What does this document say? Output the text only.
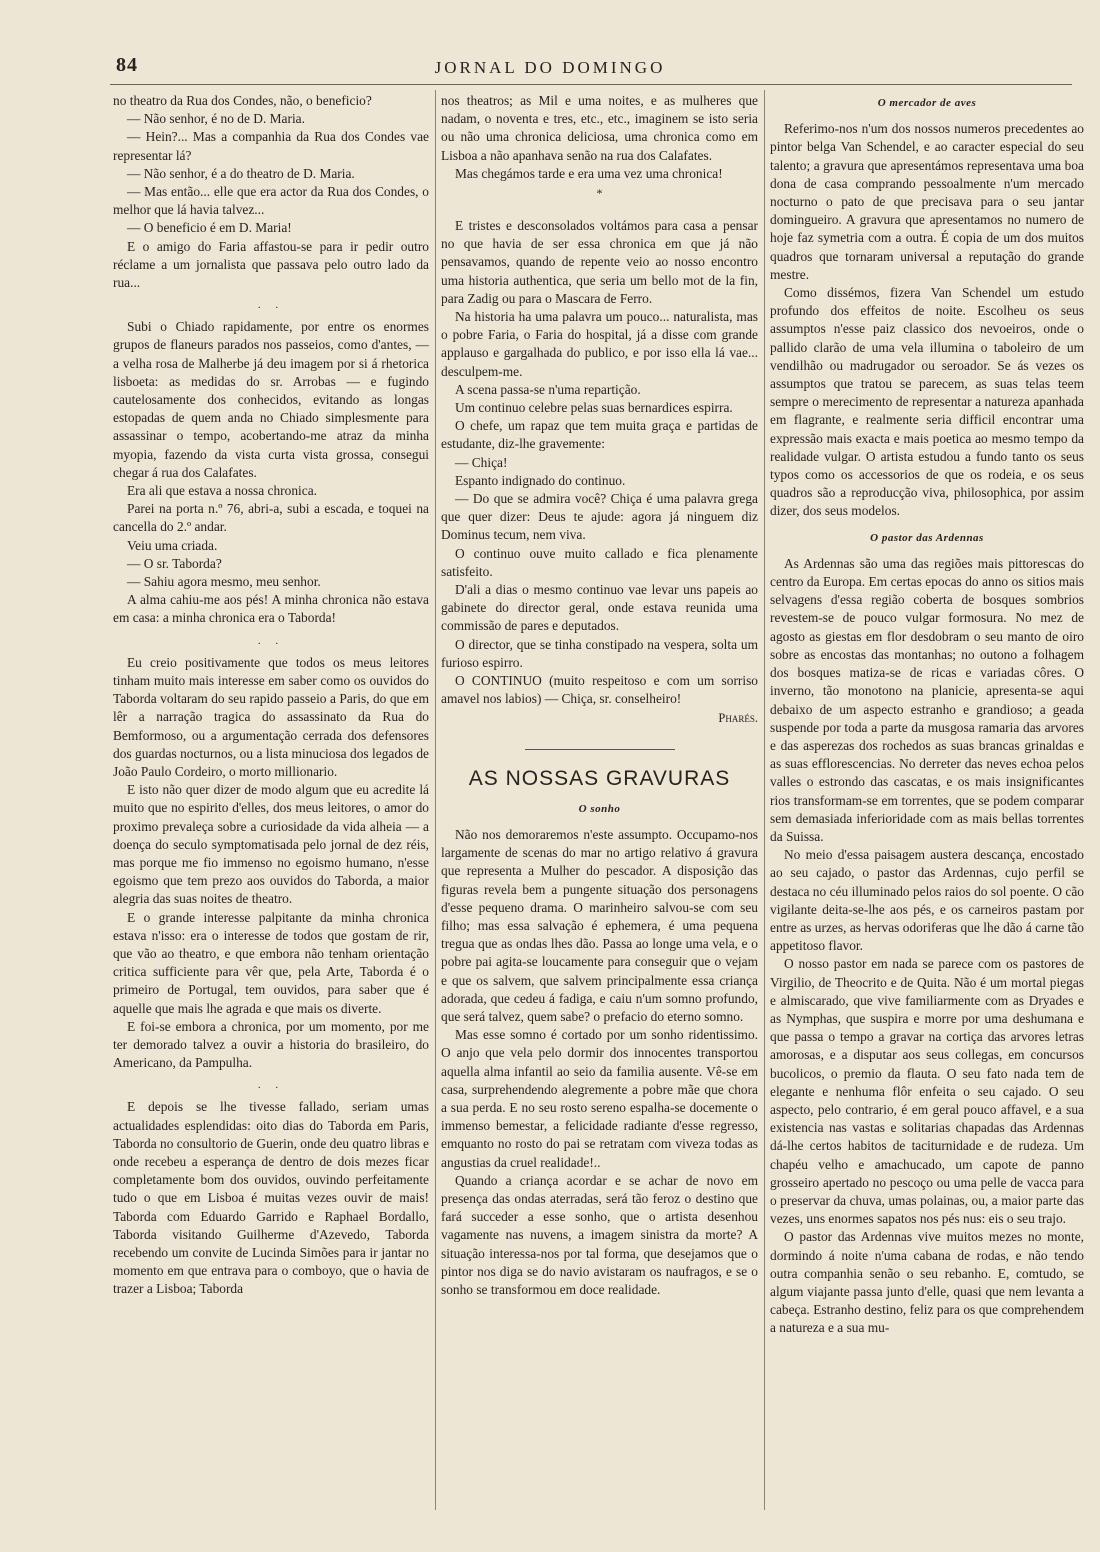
84	JORNAL DO DOMINGO

no theatro da Rua dos Condes, não, o beneficio?

— Não senhor, é no de D. Maria.

— Hein?... Mas a companhia da Rua dos Condes vae representar lá?

— Não senhor, é a do theatro de D. Maria.

— Mas então... elle que era actor da Rua dos Condes, o melhor que lá havia talvez...

— O beneficio é em D. Maria!

E o amigo do Faria affastou-se para ir pedir outro réclame a um jornalista que passava pelo outro lado da rua...

. .

Subi o Chiado rapidamente, por entre os enormes grupos de flaneurs parados nos passeios, como d'antes, — a velha rosa de Malherbe já deu imagem por si á rhetorica lisboeta: as medidas do sr. Arrobas — e fugindo cautelosamente dos conhecidos, evitando as longas estopadas de quem anda no Chiado simplesmente para assassinar o tempo, acobertando-me atraz da minha myopia, fazendo da vista curta vista grossa, consegui chegar á rua dos Calafates.

Era ali que estava a nossa chronica.

Parei na porta n.º 76, abri-a, subi a escada, e toquei na cancella do 2.º andar.

Veiu uma criada.

— O sr. Taborda?

— Sahiu agora mesmo, meu senhor.

A alma cahiu-me aos pés! A minha chronica não estava em casa: a minha chronica era o Taborda!

. .

Eu creio positivamente que todos os meus leitores tinham muito mais interesse em saber como os ouvidos do Taborda voltaram do seu rapido passeio a Paris, do que em lêr a narração tragica do assassinato da Rua do Bemformoso, ou a argumentação cerrada dos defensores dos guardas nocturnos, ou a lista minuciosa dos legados de João Paulo Cordeiro, o morto millionario.

E isto não quer dizer de modo algum que eu acredite lá muito que no espirito d'elles, dos meus leitores, o amor do proximo prevaleça sobre a curiosidade da vida alheia — a doença do seculo symptomatisada pelo jornal de dez réis, mas porque me fio immenso no egoismo humano, n'esse egoismo que tem prezo aos ouvidos do Taborda, a maior alegria das suas noites de theatro.

E o grande interesse palpitante da minha chronica estava n'isso: era o interesse de todos que gostam de rir, que vão ao theatro, e que embora não tenham orientação critica sufficiente para vêr que, pela Arte, Taborda é o primeiro de Portugal, tem ouvidos, para saber que é aquelle que mais lhe agrada e que mais os diverte.

E foi-se embora a chronica, por um momento, por me ter demorado talvez a ouvir a historia do brasileiro, do Americano, da Pampulha.

. .

E depois se lhe tivesse fallado, seriam umas actualidades esplendidas: oito dias do Taborda em Paris, Taborda no consultorio de Guerin, onde deu quatro libras e onde recebeu a esperança de dentro de dois mezes ficar completamente bom dos ouvidos, ouvindo perfeitamente tudo o que em Lisboa é muitas vezes ouvir de mais! Taborda com Eduardo Garrido e Raphael Bordallo, Taborda visitando Guilherme d'Azevedo, Taborda recebendo um convite de Lucinda Simões para ir jantar no momento em que entrava para o comboyo, que o havia de trazer a Lisboa; Taborda

nos theatros; as Mil e uma noites, e as mulheres que nadam, o noventa e tres, etc., etc., imaginem se isto seria ou não uma chronica deliciosa, uma chronica como em Lisboa a não apanhava senão na rua dos Calafates.

Mas chegámos tarde e era uma vez uma chronica!

*

E tristes e desconsolados voltámos para casa a pensar no que havia de ser essa chronica em que já não pensavamos, quando de repente veio ao nosso encontro uma historia authentica, que seria um bello mot de la fin, para Zadig ou para o Mascara de Ferro.

Na historia ha uma palavra um pouco... naturalista, mas o pobre Faria, o Faria do hospital, já a disse com grande applauso e gargalhada do publico, e por isso ella lá vae... desculpem-me.

A scena passa-se n'uma repartição.

Um continuo celebre pelas suas bernardices espirra.

O chefe, um rapaz que tem muita graça e partidas de estudante, diz-lhe gravemente:

— Chiça!

Espanto indignado do continuo.

— Do que se admira você? Chiça é uma palavra grega que quer dizer: Deus te ajude: agora já ninguem diz Dominus tecum, nem viva.

O continuo ouve muito callado e fica plenamente satisfeito.

D'ali a dias o mesmo continuo vae levar uns papeis ao gabinete do director geral, onde estava reunida uma commissão de pares e deputados.

O director, que se tinha constipado na vespera, solta um furioso espirro.

O CONTINUO (muito respeitoso e com um sorriso amavel nos labios) — Chiça, sr. conselheiro!

Pharés.
AS NOSSAS GRAVURAS
O sonho

Não nos demoraremos n'este assumpto. Occupamo-nos largamente de scenas do mar no artigo relativo á gravura que representa a Mulher do pescador. A disposição das figuras revela bem a pungente situação dos personagens d'esse pequeno drama. O marinheiro salvou-se com seu filho; mas essa salvação é ephemera, é uma pequena tregua que as ondas lhes dão. Passa ao longe uma vela, e o pobre pai agita-se loucamente para conseguir que o vejam e que os salvem, que salvem principalmente essa criança adorada, que cedeu á fadiga, e caiu n'um somno profundo, que será talvez, quem sabe? o prefacio do eterno somno.

Mas esse somno é cortado por um sonho ridentissimo. O anjo que vela pelo dormir dos innocentes transportou aquella alma infantil ao seio da familia ausente. Vê-se em casa, surprehendendo alegremente a pobre mãe que chora a sua perda. E no seu rosto sereno espalha-se docemente o immenso bemestar, a felicidade radiante d'esse regresso, emquanto no rosto do pai se retratam com viveza todas as angustias da cruel realidade!..

Quando a criança acordar e se achar de novo em presença das ondas aterradas, será tão feroz o destino que fará succeder a esse sonho, que o artista desenhou vagamente nas nuvens, a imagem sinistra da morte? A situação interessa-nos por tal forma, que desejamos que o pintor nos diga se do navio avistaram os naufragos, e se o sonho se transformou em doce realidade.

O mercador de aves

Referimo-nos n'um dos nossos numeros precedentes ao pintor belga Van Schendel, e ao caracter especial do seu talento; a gravura que apresentámos representava uma boa dona de casa comprando pessoalmente n'um mercado nocturno o pato de que precisava para o seu jantar domingueiro. A gravura que apresentamos no numero de hoje faz symetria com a outra. É copia de um dos muitos quadros que tornaram universal a reputação do grande mestre.

Como dissémos, fizera Van Schendel um estudo profundo dos effeitos de noite. Escolheu os seus assumptos n'esse paiz classico dos nevoeiros, onde o pallido clarão de uma vela illumina o taboleiro de um vendilhão ou madrugador ou seroador. Se ás vezes os assumptos que tratou se parecem, as suas telas teem sempre o merecimento de representar a natureza apanhada em flagrante, e realmente seria difficil encontrar uma expressão mais exacta e mais poetica ao mesmo tempo da realidade vulgar. O artista estudou a fundo tanto os seus typos como os accessorios de que os rodeia, e os seus quadros são a reproducção viva, philosophica, por assim dizer, dos seus modelos.

O pastor das Ardennas

As Ardennas são uma das regiões mais pittorescas do centro da Europa. Em certas epocas do anno os sitios mais selvagens d'essa região coberta de bosques sombrios revestem-se de pouco vulgar formosura. No mez de agosto as giestas em flor desdobram o seu manto de oiro sobre as encostas das montanhas; no outono a folhagem dos bosques matiza-se de ricas e variadas côres. O inverno, tão monotono na planicie, apresenta-se aqui debaixo de um aspecto estranho e grandioso; a geada suspende por toda a parte da musgosa ramaria das arvores e das asperezas dos rochedos as suas brancas grinaldas e as suas efflorescencias. No derreter das neves echoa pelos valles o estrondo das cascatas, e os mais insignificantes rios transformam-se em torrentes, que se podem comparar sem demasiada inferioridade com as mais bellas torrentes da Suissa.

No meio d'essa paisagem austera descança, encostado ao seu cajado, o pastor das Ardennas, cujo perfil se destaca no céu illuminado pelos raios do sol poente. O cão vigilante deita-se-lhe aos pés, e os carneiros pastam por entre as urzes, as hervas odoriferas que lhe dão á carne tão appetitoso flavor.

O nosso pastor em nada se parece com os pastores de Virgilio, de Theocrito e de Quita. Não é um mortal piegas e almiscarado, que vive familiarmente com as Dryades e as Nymphas, que suspira e morre por uma deshumana e que passa o tempo a gravar na cortiça das arvores letras amorosas, e a disputar aos seus collegas, em concursos bucolicos, o premio da flauta. O seu fato nada tem de elegante e nenhuma flôr enfeita o seu cajado. O seu aspecto, pelo contrario, é em geral pouco affavel, e a sua existencia nas vastas e solitarias chapadas das Ardennas dá-lhe certos habitos de taciturnidade e de rudeza. Um chapéu velho e amachucado, um capote de panno grosseiro apertado no pescoço ou uma pelle de vacca para o preservar da chuva, umas polainas, ou, a maior parte das vezes, uns enormes sapatos nos pés nus: eis o seu trajo.

O pastor das Ardennas vive muitos mezes no monte, dormindo á noite n'uma cabana de rodas, e não tendo outra companhia senão o seu rebanho. E, comtudo, se algum viajante passa junto d'elle, quasi que nem levanta a cabeça. Estranho destino, feliz para os que comprehendem a natureza e a sua mu-
